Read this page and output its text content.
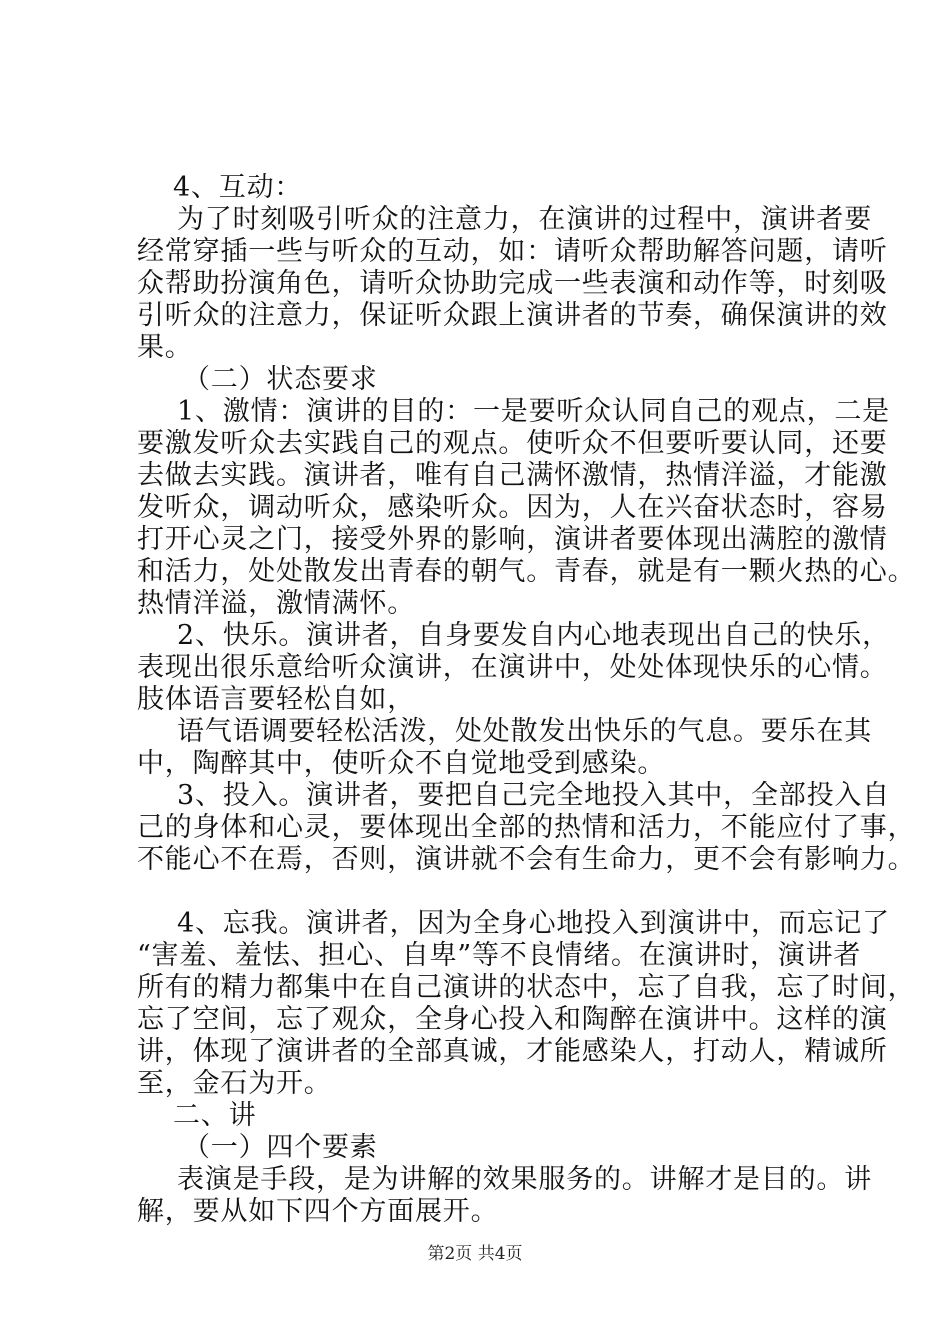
4、互动：
为了时刻吸引听众的注意力，在演讲的过程中，演讲者要
经常穿插一些与听众的互动，如：请听众帮助解答问题，请听
众帮助扮演角色，请听众协助完成一些表演和动作等，时刻吸
引听众的注意力，保证听众跟上演讲者的节奏，确保演讲的效
果。
（二）状态要求
1、激情：演讲的目的：一是要听众认同自己的观点，二是
要激发听众去实践自己的观点。使听众不但要听要认同，还要
去做去实践。演讲者，唯有自己满怀激情，热情洋溢，才能激
发听众，调动听众，感染听众。因为，人在兴奋状态时，容易
打开心灵之门，接受外界的影响，演讲者要体现出满腔的激情
和活力，处处散发出青春的朝气。青春，就是有一颗火热的心。
热情洋溢，激情满怀。
2、快乐。演讲者，自身要发自内心地表现出自己的快乐，
表现出很乐意给听众演讲，在演讲中，处处体现快乐的心情。
肢体语言要轻松自如，
语气语调要轻松活泼，处处散发出快乐的气息。要乐在其
中，陶醉其中，使听众不自觉地受到感染。
3、投入。演讲者，要把自己完全地投入其中，全部投入自
己的身体和心灵，要体现出全部的热情和活力，不能应付了事，
不能心不在焉，否则，演讲就不会有生命力，更不会有影响力。
4、忘我。演讲者，因为全身心地投入到演讲中，而忘记了
“害羞、羞怯、担心、自卑”等不良情绪。在演讲时，演讲者
所有的精力都集中在自己演讲的状态中，忘了自我，忘了时间，
忘了空间，忘了观众，全身心投入和陶醉在演讲中。这样的演
讲，体现了演讲者的全部真诚，才能感染人，打动人，精诚所
至，金石为开。
二、讲
（一）四个要素
表演是手段，是为讲解的效果服务的。讲解才是目的。讲
解，要从如下四个方面展开。
第2页 共4页
